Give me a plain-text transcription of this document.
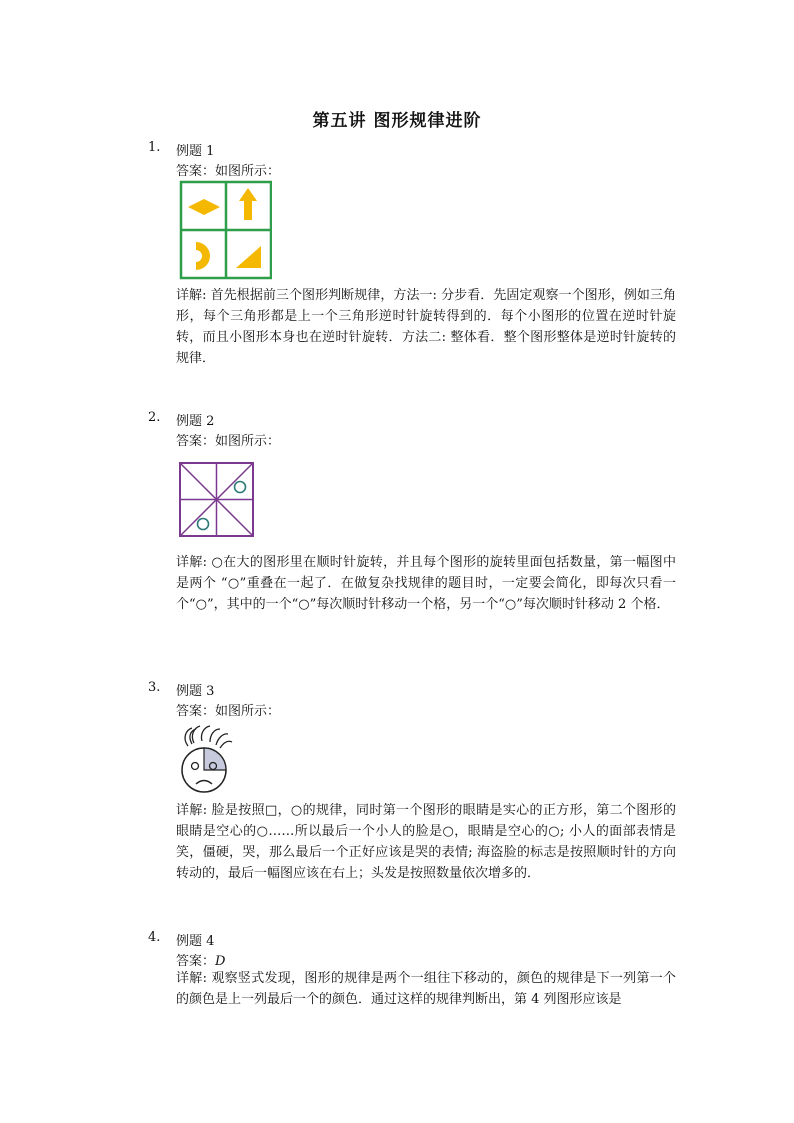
第五讲 图形规律进阶
1. 例题 1
答案：如图所示：

详解: 首先根据前三个图形判断规律，方法一: 分步看．先固定观察一个图形，例如三角形，每个三角形都是上一个三角形逆时针旋转得到的．每个小图形的位置在逆时针旋转，而且小图形本身也在逆时针旋转．方法二: 整体看．整个图形整体是逆时针旋转的规律．

2. 例题 2
答案：如图所示：

详解: ○在大的图形里在顺时针旋转，并且每个图形的旋转里面包括数量，第一幅图中是两个 “○”重叠在一起了．在做复杂找规律的题目时，一定要会简化，即每次只看一个“○”，其中的一个“○”每次顺时针移动一个格，另一个“○”每次顺时针移动 2 个格．

3. 例题 3
答案：如图所示：

详解: 脸是按照□，○的规律，同时第一个图形的眼睛是实心的正方形，第二个图形的眼睛是空心的○……所以最后一个小人的脸是○，眼睛是空心的○; 小人的面部表情是笑，僵硬，哭，那么最后一个正好应该是哭的表情; 海盗脸的标志是按照顺时针的方向转动的，最后一幅图应该在右上；头发是按照数量依次增多的．

4. 例题 4
答案：D

详解: 观察竖式发现，图形的规律是两个一组往下移动的，颜色的规律是下一列第一个的颜色是上一列最后一个的颜色．通过这样的规律判断出，第 4 列图形应该是
